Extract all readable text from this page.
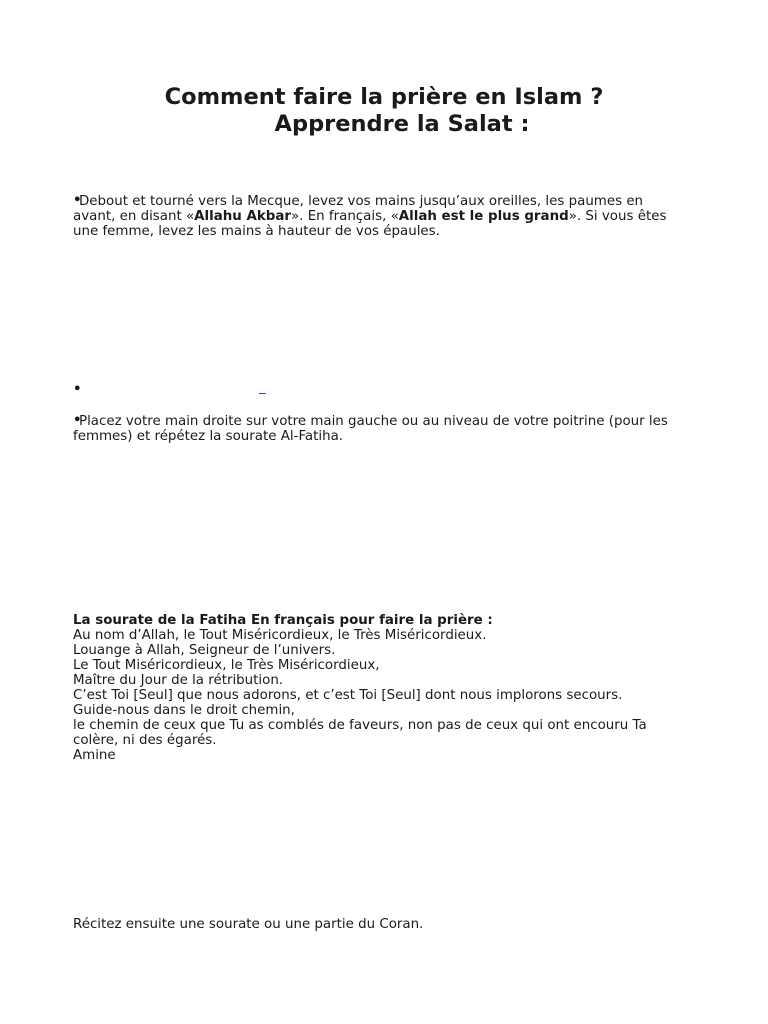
Comment faire la prière en Islam ?
Apprendre la Salat :

•Debout et tourné vers la Mecque, levez vos mains jusqu’aux oreilles, les paumes en avant, en disant «Allahu Akbar». En français, «Allah est le plus grand». Si vous êtes une femme, levez les mains à hauteur de vos épaules.

•

•Placez votre main droite sur votre main gauche ou au niveau de votre poitrine (pour les femmes) et répétez la sourate Al-Fatiha.

La sourate de la Fatiha En français pour faire la prière :
Au nom d’Allah, le Tout Miséricordieux, le Très Miséricordieux.
Louange à Allah, Seigneur de l’univers.
Le Tout Miséricordieux, le Très Miséricordieux,
Maître du Jour de la rétribution.
C’est Toi [Seul] que nous adorons, et c’est Toi [Seul] dont nous implorons secours.
Guide-nous dans le droit chemin,
le chemin de ceux que Tu as comblés de faveurs, non pas de ceux qui ont encouru Ta colère, ni des égarés.
Amine

Récitez ensuite une sourate ou une partie du Coran.
